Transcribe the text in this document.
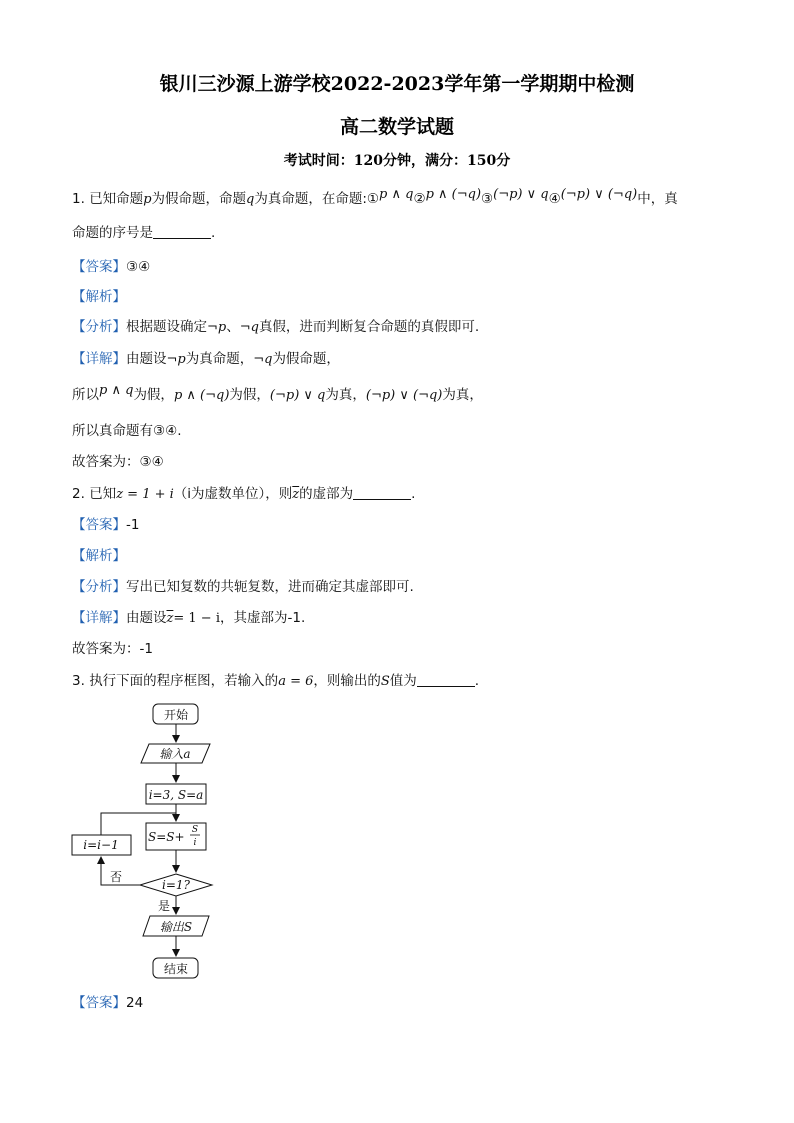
银川三沙源上游学校2022-2023学年第一学期期中检测
高二数学试题
考试时间：120分钟，满分：150分
1. 已知命题p为假命题，命题q为真命题，在命题:①p ∧ q②p ∧ (¬q)③(¬p) ∨ q④(¬p) ∨ (¬q)中，真
命题的序号是	.
【答案】③④
【解析】
【分析】根据题设确定¬p、¬q真假，进而判断复合命题的真假即可.
【详解】由题设¬p为真命题，¬q为假命题，
所以p ∧ q为假，p ∧ (¬q)为假，(¬p) ∨ q为真，(¬p) ∨ (¬q)为真，
所以真命题有③④.
故答案为：③④
2. 已知z = 1 + i（i为虚数单位），则$\overline{z}$的虚部为	.
【答案】-1
【解析】
【分析】写出已知复数的共轭复数，进而确定其虚部即可.
【详解】由题设$\overline{z}= 1 - i$，其虚部为-1.
故答案为：-1
3. 执行下面的程序框图，若输入的a = 6，则输出的S值为	.
开始
输入a
i=3, S=a
S=S+ S
i
i=i−1
i=1?
否
是
输出S
结束
【答案】24
